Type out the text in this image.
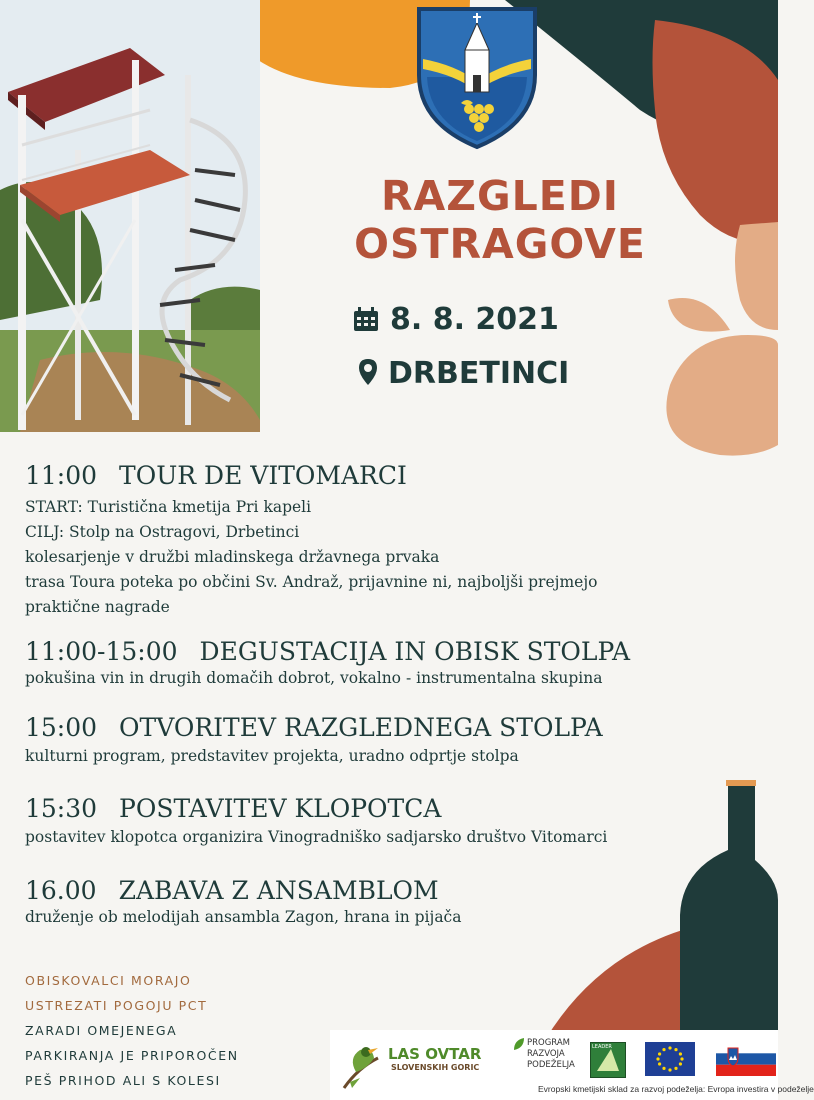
RAZGLEDI
OSTRAGOVE
8. 8. 2021
DRBETINCI
11:00 TOUR DE VITOMARCI
START: Turistična kmetija Pri kapeli
CILJ: Stolp na Ostragovi, Drbetinci
kolesarjenje v družbi mladinskega državnega prvaka
trasa Toura poteka po občini Sv. Andraž, prijavnine ni, najboljši prejmejo
praktične nagrade
11:00-15:00 DEGUSTACIJA IN OBISK STOLPA
pokušina vin in drugih domačih dobrot, vokalno - instrumentalna skupina
15:00 OTVORITEV RAZGLEDNEGA STOLPA
kulturni program, predstavitev projekta, uradno odprtje stolpa
15:30 POSTAVITEV KLOPOTCA
postavitev klopotca organizira Vinogradniško sadjarsko društvo Vitomarci
16.00 ZABAVA Z ANSAMBLOM
druženje ob melodijah ansambla Zagon, hrana in pijača
OBISKOVALCI MORAJO
USTREZATI POGOJU PCT
ZARADI OMEJENEGA
PARKIRANJA JE PRIPOROČEN
PEŠ PRIHOD ALI S KOLESI
LAS OVTAR
SLOVENSKIH GORIC
PROGRAM
RAZVOJA
PODEŽELJA
LEADER
Evropski kmetijski sklad za razvoj podeželja: Evropa investira v podeželje
